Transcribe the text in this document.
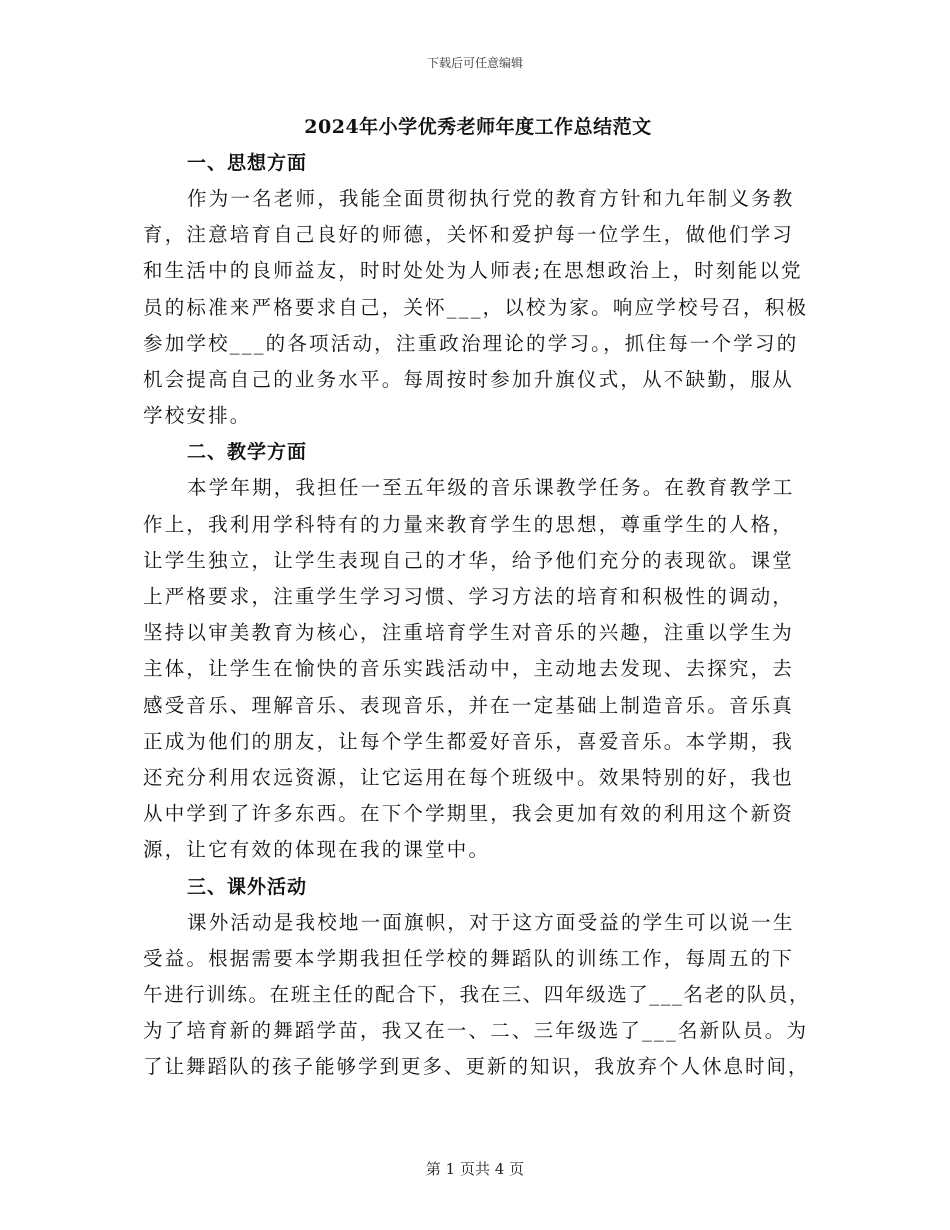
下载后可任意编辑
2024年小学优秀老师年度工作总结范文
一、思想方面
作为一名老师，我能全面贯彻执行党的教育方针和九年制义务教
育，注意培育自己良好的师德，关怀和爱护每一位学生，做他们学习
和生活中的良师益友，时时处处为人师表;在思想政治上，时刻能以党
员的标准来严格要求自己，关怀___，以校为家。响应学校号召，积极
参加学校___的各项活动，注重政治理论的学习。，抓住每一个学习的
机会提高自己的业务水平。每周按时参加升旗仪式，从不缺勤，服从
学校安排。
二、教学方面
本学年期，我担任一至五年级的音乐课教学任务。在教育教学工
作上，我利用学科特有的力量来教育学生的思想，尊重学生的人格，
让学生独立，让学生表现自己的才华，给予他们充分的表现欲。课堂
上严格要求，注重学生学习习惯、学习方法的培育和积极性的调动，
坚持以审美教育为核心，注重培育学生对音乐的兴趣，注重以学生为
主体，让学生在愉快的音乐实践活动中，主动地去发现、去探究，去
感受音乐、理解音乐、表现音乐，并在一定基础上制造音乐。音乐真
正成为他们的朋友，让每个学生都爱好音乐，喜爱音乐。本学期，我
还充分利用农远资源，让它运用在每个班级中。效果特别的好，我也
从中学到了许多东西。在下个学期里，我会更加有效的利用这个新资
源，让它有效的体现在我的课堂中。
三、课外活动
课外活动是我校地一面旗帜，对于这方面受益的学生可以说一生
受益。根据需要本学期我担任学校的舞蹈队的训练工作，每周五的下
午进行训练。在班主任的配合下，我在三、四年级选了___名老的队员，
为了培育新的舞蹈学苗，我又在一、二、三年级选了___名新队员。为
了让舞蹈队的孩子能够学到更多、更新的知识，我放弃个人休息时间，
第 1 页共 4 页
